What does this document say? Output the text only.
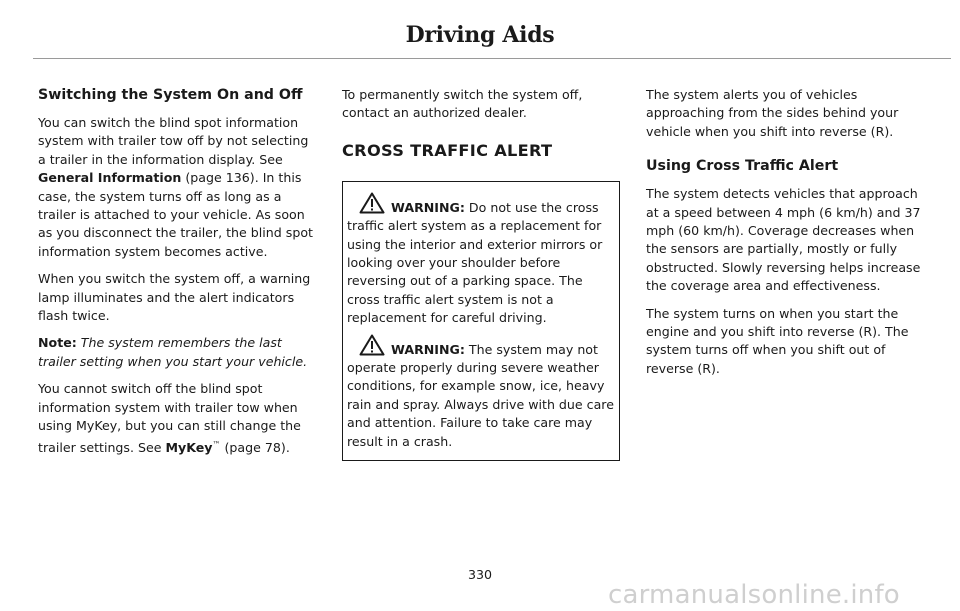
Driving Aids
Switching the System On and Off

You can switch the blind spot information system with trailer tow off by not selecting a trailer in the information display. See General Information (page 136). In this case, the system turns off as long as a trailer is attached to your vehicle. As soon as you disconnect the trailer, the blind spot information system becomes active.

When you switch the system off, a warning lamp illuminates and the alert indicators flash twice.

Note: The system remembers the last trailer setting when you start your vehicle.

You cannot switch off the blind spot information system with trailer tow when using MyKey, but you can still change the trailer settings. See MyKey™ (page 78).

To permanently switch the system off, contact an authorized dealer.

CROSS TRAFFIC ALERT

WARNING: Do not use the cross traffic alert system as a replacement for using the interior and exterior mirrors or looking over your shoulder before reversing out of a parking space. The cross traffic alert system is not a replacement for careful driving.

WARNING: The system may not operate properly during severe weather conditions, for example snow, ice, heavy rain and spray. Always drive with due care and attention. Failure to take care may result in a crash.

The system alerts you of vehicles approaching from the sides behind your vehicle when you shift into reverse (R).

Using Cross Traffic Alert

The system detects vehicles that approach at a speed between 4 mph (6 km/h) and 37 mph (60 km/h). Coverage decreases when the sensors are partially, mostly or fully obstructed. Slowly reversing helps increase the coverage area and effectiveness.

The system turns on when you start the engine and you shift into reverse (R). The system turns off when you shift out of reverse (R).

330
carmanualsonline.info
